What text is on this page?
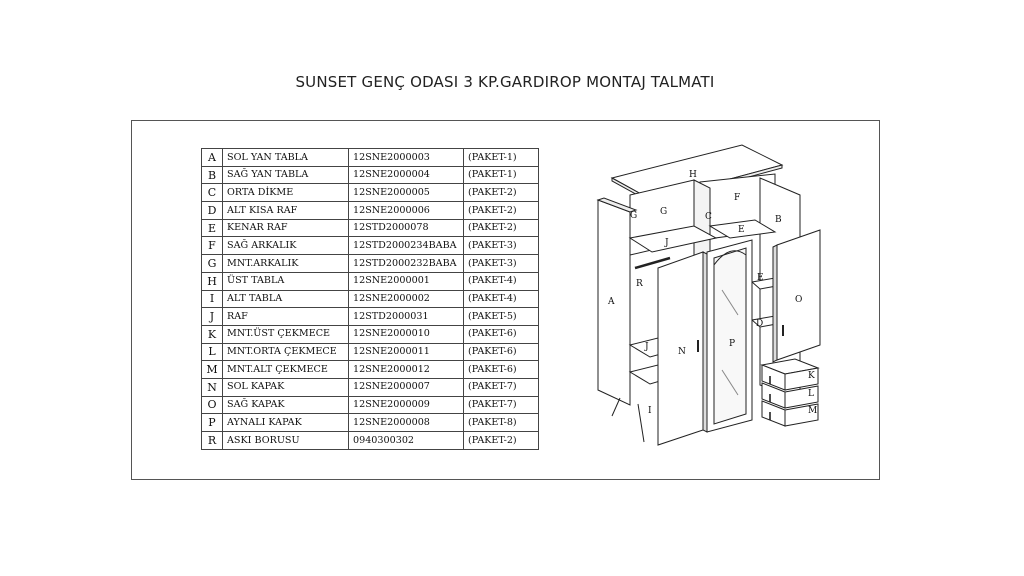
SUNSET GENÇ ODASI 3 KP.GARDIROP MONTAJ TALMATI
A	SOL YAN TABLA	12SNE2000003	(PAKET-1)
B	SAĞ YAN TABLA	12SNE2000004	(PAKET-1)
C	ORTA DİKME	12SNE2000005	(PAKET-2)
D	ALT KISA RAF	12SNE2000006	(PAKET-2)
E	KENAR RAF	12STD2000078	(PAKET-2)
F	SAĞ ARKALIK	12STD2000234BABA	(PAKET-3)
G	MNT.ARKALIK	12STD2000232BABA	(PAKET-3)
H	ÜST TABLA	12SNE2000001	(PAKET-4)
I	ALT TABLA	12SNE2000002	(PAKET-4)
J	RAF	12STD2000031	(PAKET-5)
K	MNT.ÜST ÇEKMECE	12SNE2000010	(PAKET-6)
L	MNT.ORTA ÇEKMECE	12SNE2000011	(PAKET-6)
M	MNT.ALT ÇEKMECE	12SNE2000012	(PAKET-6)
N	SOL KAPAK	12SNE2000007	(PAKET-7)
O	SAĞ KAPAK	12SNE2000009	(PAKET-7)
P	AYNALI KAPAK	12SNE2000008	(PAKET-8)
R	ASKI BORUSU	0940300302	(PAKET-2)
H
G	G	C
F
B
J
E
R
A
E
O
N
P
D
J
K
L
M
I
